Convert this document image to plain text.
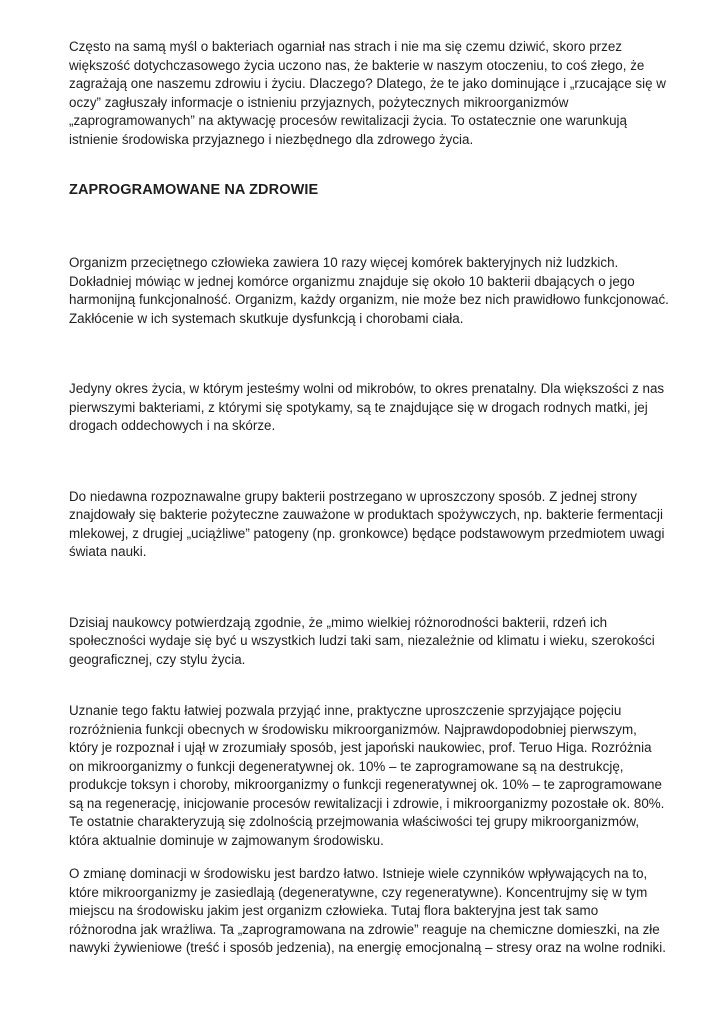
Często na samą myśl o bakteriach ogarniał nas strach i nie ma się czemu dziwić, skoro przez większość dotychczasowego życia uczono nas, że bakterie w naszym otoczeniu, to coś złego, że zagrażają one naszemu zdrowiu i życiu. Dlaczego? Dlatego, że te jako dominujące i „rzucające się w oczy” zagłuszały informacje o istnieniu przyjaznych, pożytecznych mikroorganizmów „zaprogramowanych” na aktywację procesów rewitalizacji życia. To ostatecznie one warunkują istnienie środowiska przyjaznego i niezbędnego dla zdrowego życia.

ZAPROGRAMOWANE NA ZDROWIE

Organizm przeciętnego człowieka zawiera 10 razy więcej komórek bakteryjnych niż ludzkich. Dokładniej mówiąc w jednej komórce organizmu znajduje się około 10 bakterii dbających o jego harmonijną funkcjonalność. Organizm, każdy organizm, nie może bez nich prawidłowo funkcjonować. Zakłócenie w ich systemach skutkuje dysfunkcją i chorobami ciała.

Jedyny okres życia, w którym jesteśmy wolni od mikrobów, to okres prenatalny. Dla większości z nas pierwszymi bakteriami, z którymi się spotykamy, są te znajdujące się w drogach rodnych matki, jej drogach oddechowych i na skórze.

Do niedawna rozpoznawalne grupy bakterii postrzegano w uproszczony sposób. Z jednej strony znajdowały się bakterie pożyteczne zauważone w produktach spożywczych, np. bakterie fermentacji mlekowej, z drugiej „uciążliwe” patogeny (np. gronkowce) będące podstawowym przedmiotem uwagi świata nauki.

Dzisiaj naukowcy potwierdzają zgodnie, że „mimo wielkiej różnorodności bakterii, rdzeń ich społeczności wydaje się być u wszystkich ludzi taki sam, niezależnie od klimatu i wieku, szerokości geograficznej, czy stylu życia.

Uznanie tego faktu łatwiej pozwala przyjąć inne, praktyczne uproszczenie sprzyjające pojęciu rozróżnienia funkcji obecnych w środowisku mikroorganizmów. Najprawdopodobniej pierwszym, który je rozpoznał i ujął w zrozumiały sposób, jest japoński naukowiec, prof. Teruo Higa. Rozróżnia on mikroorganizmy o funkcji degeneratywnej ok. 10% – te zaprogramowane są na destrukcję, produkcje toksyn i choroby, mikroorganizmy o funkcji regeneratywnej ok. 10% – te zaprogramowane są na regenerację, inicjowanie procesów rewitalizacji i zdrowie, i mikroorganizmy pozostałe ok. 80%. Te ostatnie charakteryzują się zdolnością przejmowania właściwości tej grupy mikroorganizmów, która aktualnie dominuje w zajmowanym środowisku.

O zmianę dominacji w środowisku jest bardzo łatwo. Istnieje wiele czynników wpływających na to, które mikroorganizmy je zasiedlają (degeneratywne, czy regeneratywne). Koncentrujmy się w tym miejscu na środowisku jakim jest organizm człowieka. Tutaj flora bakteryjna jest tak samo różnorodna jak wrażliwa. Ta „zaprogramowana na zdrowie” reaguje na chemiczne domieszki, na złe nawyki żywieniowe (treść i sposób jedzenia), na energię emocjonalną – stresy oraz na wolne rodniki.
